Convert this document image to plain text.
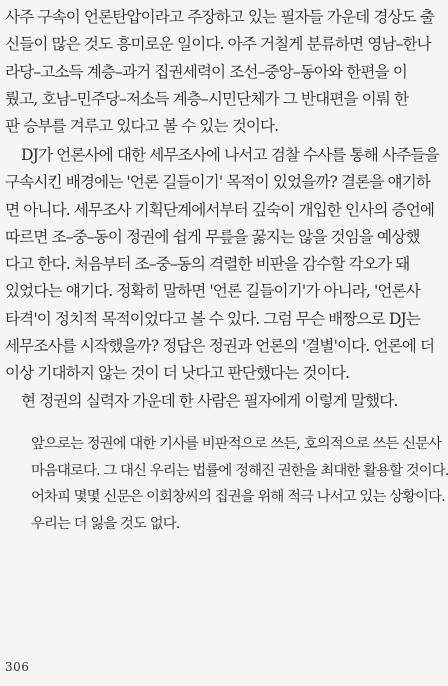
사주 구속이 언론탄압이라고 주장하고 있는 필자들 가운데 경상도 출
신들이 많은 것도 흥미로운 일이다. 아주 거칠게 분류하면 영남–한나
라당–고소득 계층–과거 집권세력이 조선–중앙–동아와 한편을 이
뤘고, 호남–민주당–저소득 계층–시민단체가 그 반대편을 이뤄 한
판 승부를 겨루고 있다고 볼 수 있는 것이다.
DJ가 언론사에 대한 세무조사에 나서고 검찰 수사를 통해 사주들을
구속시킨 배경에는 '언론 길들이기' 목적이 있었을까? 결론을 얘기하
면 아니다. 세무조사 기획단계에서부터 깊숙이 개입한 인사의 증언에
따르면 조–중–동이 정권에 쉽게 무릎을 꿇지는 않을 것임을 예상했
다고 한다. 처음부터 조–중–동의 격렬한 비판을 감수할 각오가 돼
있었다는 얘기다. 정확히 말하면 '언론 길들이기'가 아니라, '언론사
타격'이 정치적 목적이었다고 볼 수 있다. 그럼 무슨 배짱으로 DJ는
세무조사를 시작했을까? 정답은 정권과 언론의 '결별'이다. 언론에 더
이상 기대하지 않는 것이 더 낫다고 판단했다는 것이다.
현 정권의 실력자 가운데 한 사람은 필자에게 이렇게 말했다.
앞으로는 정권에 대한 기사를 비판적으로 쓰든, 호의적으로 쓰든 신문사
마음대로다. 그 대신 우리는 법률에 정해진 권한을 최대한 활용할 것이다.
어차피 몇몇 신문은 이회창씨의 집권을 위해 적극 나서고 있는 상황이다.
우리는 더 잃을 것도 없다.
306
